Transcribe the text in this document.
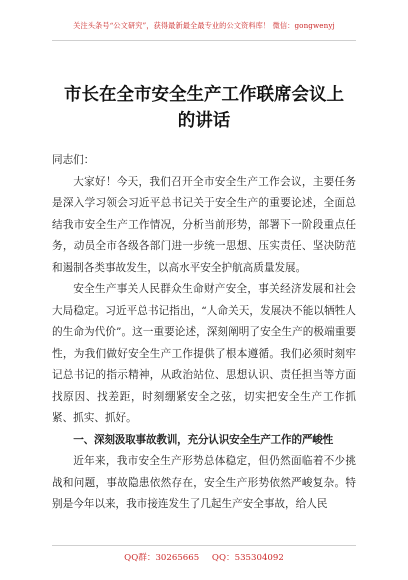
关注头条号“公文研究”，获得最新最全最专业的公文资料库！ 微信：gongwenyj
市长在全市安全生产工作联席会议上
的讲话
同志们：

大家好！今天，我们召开全市安全生产工作会议，主要任务是深入学习领会习近平总书记关于安全生产的重要论述，全面总结我市安全生产工作情况，分析当前形势，部署下一阶段重点任务，动员全市各级各部门进一步统一思想、压实责任、坚决防范和遏制各类事故发生，以高水平安全护航高质量发展。

安全生产事关人民群众生命财产安全，事关经济发展和社会大局稳定。习近平总书记指出，“人命关天，发展决不能以牺牲人的生命为代价”。这一重要论述，深刻阐明了安全生产的极端重要性，为我们做好安全生产工作提供了根本遵循。我们必须时刻牢记总书记的指示精神，从政治站位、思想认识、责任担当等方面找原因、找差距，时刻绷紧安全之弦，切实把安全生产工作抓紧、抓实、抓好。

一、深刻汲取事故教训，充分认识安全生产工作的严峻性

近年来，我市安全生产形势总体稳定，但仍然面临着不少挑战和问题，事故隐患依然存在，安全生产形势依然严峻复杂。特别是今年以来，我市接连发生了几起生产安全事故，给人民

QQ群：30265665 QQ：535304092
